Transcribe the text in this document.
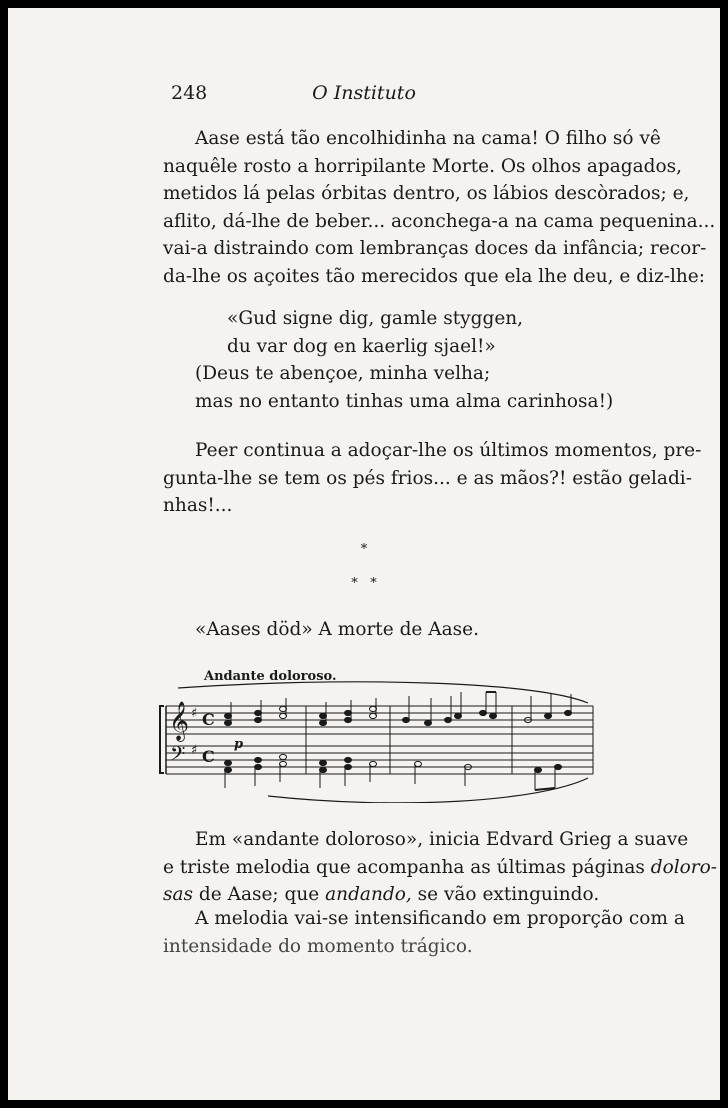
248	O Instituto
Aase está tão encolhidinha na cama! O filho só vê
naquêle rosto a horripilante Morte. Os olhos apagados,
metidos lá pelas órbitas dentro, os lábios descòrados; e,
aflito, dá-lhe de beber... aconchega-a na cama pequenina...
vai-a distraindo com lembranças doces da infância; recor-
da-lhe os açoites tão merecidos que ela lhe deu, e diz-lhe:
«Gud signe dig, gamle styggen,
du var dog en kaerlig sjael!»
(Deus te abençoe, minha velha;
mas no entanto tinhas uma alma carinhosa!)
Peer continua a adoçar-lhe os últimos momentos, pre-
gunta-lhe se tem os pés frios... e as mãos?! estão geladi-
nhas!...
*
*   *
«Aases död» A morte de Aase.
Andante doloroso.
𝄞
𝄢
♯
♯
C
C
p
Em «andante doloroso», inicia Edvard Grieg a suave
e triste melodia que acompanha as últimas páginas doloro-
sas de Aase; que andando, se vão extinguindo.
A melodia vai-se intensificando em proporção com a
intensidade do momento trágico.
